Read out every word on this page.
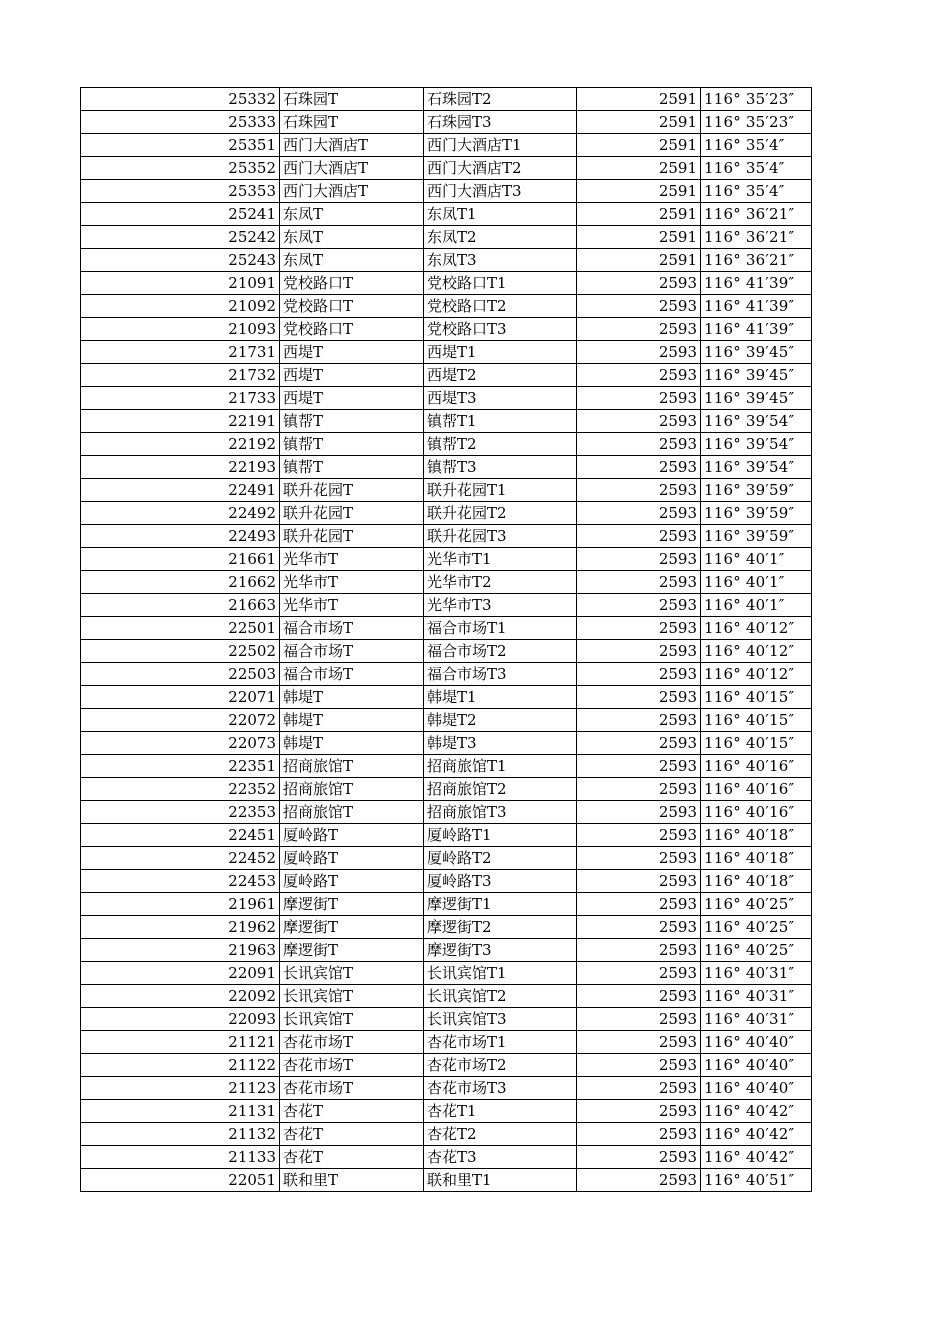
25332	石珠园T	石珠园T2	2591	116° 35′23″
25333	石珠园T	石珠园T3	2591	116° 35′23″
25351	西门大酒店T	西门大酒店T1	2591	116° 35′4″
25352	西门大酒店T	西门大酒店T2	2591	116° 35′4″
25353	西门大酒店T	西门大酒店T3	2591	116° 35′4″
25241	东凤T	东凤T1	2591	116° 36′21″
25242	东凤T	东凤T2	2591	116° 36′21″
25243	东凤T	东凤T3	2591	116° 36′21″
21091	党校路口T	党校路口T1	2593	116° 41′39″
21092	党校路口T	党校路口T2	2593	116° 41′39″
21093	党校路口T	党校路口T3	2593	116° 41′39″
21731	西堤T	西堤T1	2593	116° 39′45″
21732	西堤T	西堤T2	2593	116° 39′45″
21733	西堤T	西堤T3	2593	116° 39′45″
22191	镇帮T	镇帮T1	2593	116° 39′54″
22192	镇帮T	镇帮T2	2593	116° 39′54″
22193	镇帮T	镇帮T3	2593	116° 39′54″
22491	联升花园T	联升花园T1	2593	116° 39′59″
22492	联升花园T	联升花园T2	2593	116° 39′59″
22493	联升花园T	联升花园T3	2593	116° 39′59″
21661	光华市T	光华市T1	2593	116° 40′1″
21662	光华市T	光华市T2	2593	116° 40′1″
21663	光华市T	光华市T3	2593	116° 40′1″
22501	福合市场T	福合市场T1	2593	116° 40′12″
22502	福合市场T	福合市场T2	2593	116° 40′12″
22503	福合市场T	福合市场T3	2593	116° 40′12″
22071	韩堤T	韩堤T1	2593	116° 40′15″
22072	韩堤T	韩堤T2	2593	116° 40′15″
22073	韩堤T	韩堤T3	2593	116° 40′15″
22351	招商旅馆T	招商旅馆T1	2593	116° 40′16″
22352	招商旅馆T	招商旅馆T2	2593	116° 40′16″
22353	招商旅馆T	招商旅馆T3	2593	116° 40′16″
22451	厦岭路T	厦岭路T1	2593	116° 40′18″
22452	厦岭路T	厦岭路T2	2593	116° 40′18″
22453	厦岭路T	厦岭路T3	2593	116° 40′18″
21961	摩逻街T	摩逻街T1	2593	116° 40′25″
21962	摩逻街T	摩逻街T2	2593	116° 40′25″
21963	摩逻街T	摩逻街T3	2593	116° 40′25″
22091	长讯宾馆T	长讯宾馆T1	2593	116° 40′31″
22092	长讯宾馆T	长讯宾馆T2	2593	116° 40′31″
22093	长讯宾馆T	长讯宾馆T3	2593	116° 40′31″
21121	杏花市场T	杏花市场T1	2593	116° 40′40″
21122	杏花市场T	杏花市场T2	2593	116° 40′40″
21123	杏花市场T	杏花市场T3	2593	116° 40′40″
21131	杏花T	杏花T1	2593	116° 40′42″
21132	杏花T	杏花T2	2593	116° 40′42″
21133	杏花T	杏花T3	2593	116° 40′42″
22051	联和里T	联和里T1	2593	116° 40′51″
